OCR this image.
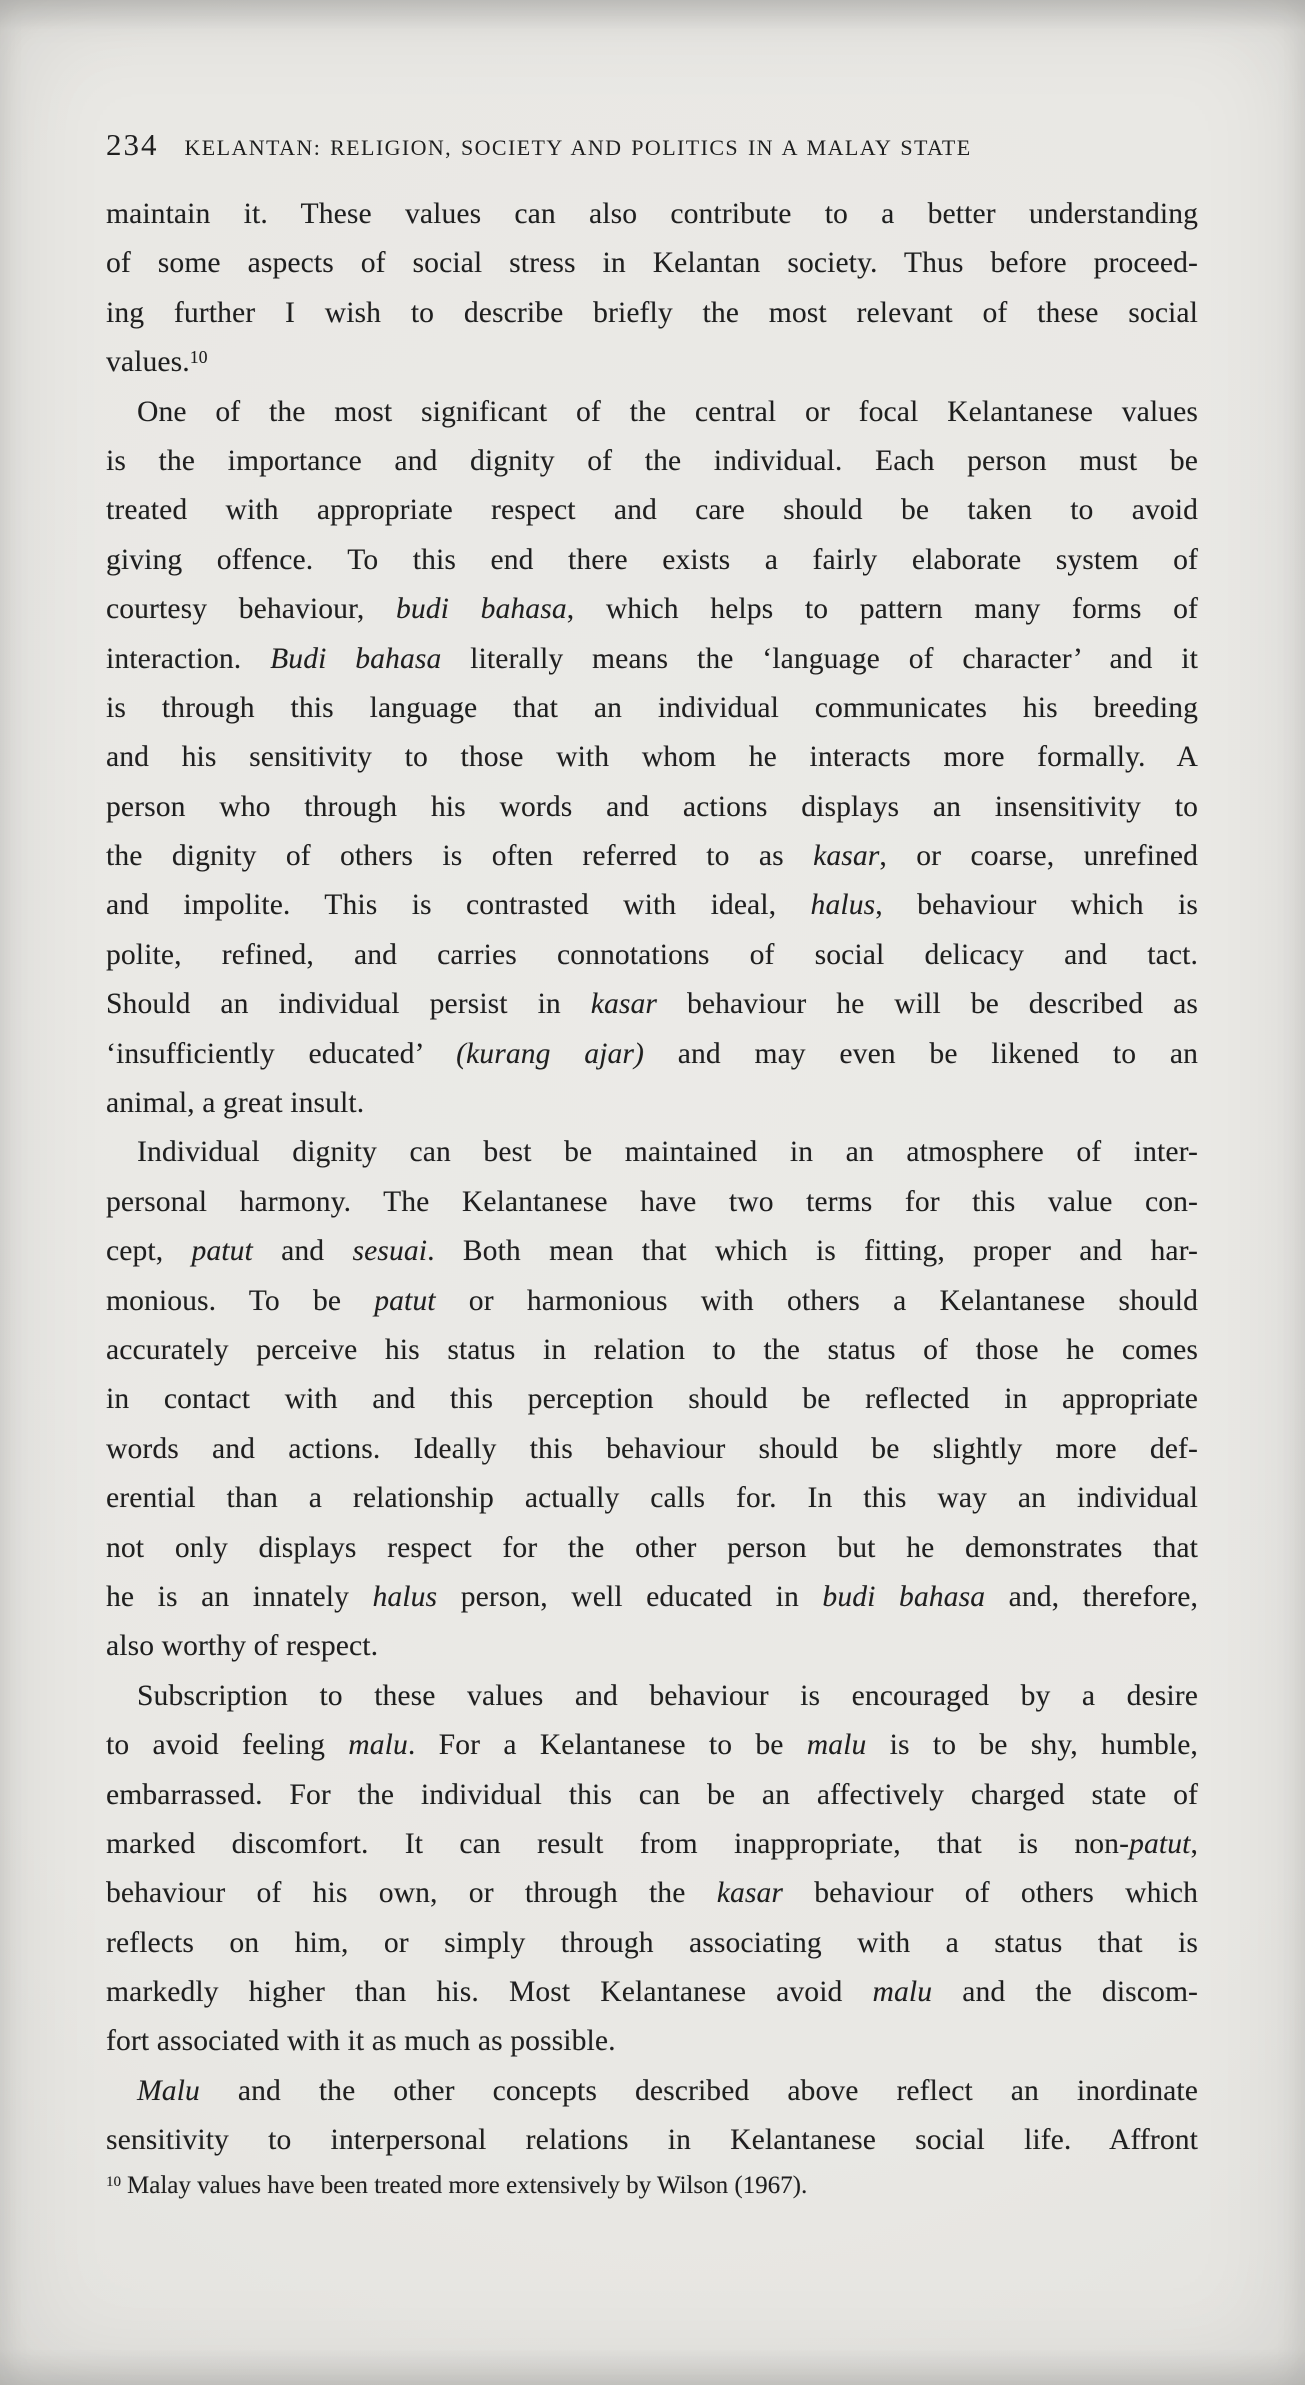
234 KELANTAN: RELIGION, SOCIETY AND POLITICS IN A MALAY STATE
maintain it. These values can also contribute to a better understanding
of some aspects of social stress in Kelantan society. Thus before proceed-
ing further I wish to describe briefly the most relevant of these social
values.$^{10}$
One of the most significant of the central or focal Kelantanese values
is the importance and dignity of the individual. Each person must be
treated with appropriate respect and care should be taken to avoid
giving offence. To this end there exists a fairly elaborate system of
courtesy behaviour, budi bahasa, which helps to pattern many forms of
interaction. Budi bahasa literally means the ‘language of character’ and it
is through this language that an individual communicates his breeding
and his sensitivity to those with whom he interacts more formally. A
person who through his words and actions displays an insensitivity to
the dignity of others is often referred to as kasar, or coarse, unrefined
and impolite. This is contrasted with ideal, halus, behaviour which is
polite, refined, and carries connotations of social delicacy and tact.
Should an individual persist in kasar behaviour he will be described as
‘insufficiently educated’ (kurang ajar) and may even be likened to an
animal, a great insult.
Individual dignity can best be maintained in an atmosphere of inter-
personal harmony. The Kelantanese have two terms for this value con-
cept, patut and sesuai. Both mean that which is fitting, proper and har-
monious. To be patut or harmonious with others a Kelantanese should
accurately perceive his status in relation to the status of those he comes
in contact with and this perception should be reflected in appropriate
words and actions. Ideally this behaviour should be slightly more def-
erential than a relationship actually calls for. In this way an individual
not only displays respect for the other person but he demonstrates that
he is an innately halus person, well educated in budi bahasa and, therefore,
also worthy of respect.
Subscription to these values and behaviour is encouraged by a desire
to avoid feeling malu. For a Kelantanese to be malu is to be shy, humble,
embarrassed. For the individual this can be an affectively charged state of
marked discomfort. It can result from inappropriate, that is non-patut,
behaviour of his own, or through the kasar behaviour of others which
reflects on him, or simply through associating with a status that is
markedly higher than his. Most Kelantanese avoid malu and the discom-
fort associated with it as much as possible.
Malu and the other concepts described above reflect an inordinate
sensitivity to interpersonal relations in Kelantanese social life. Affront
$^{10}$ Malay values have been treated more extensively by Wilson (1967).
